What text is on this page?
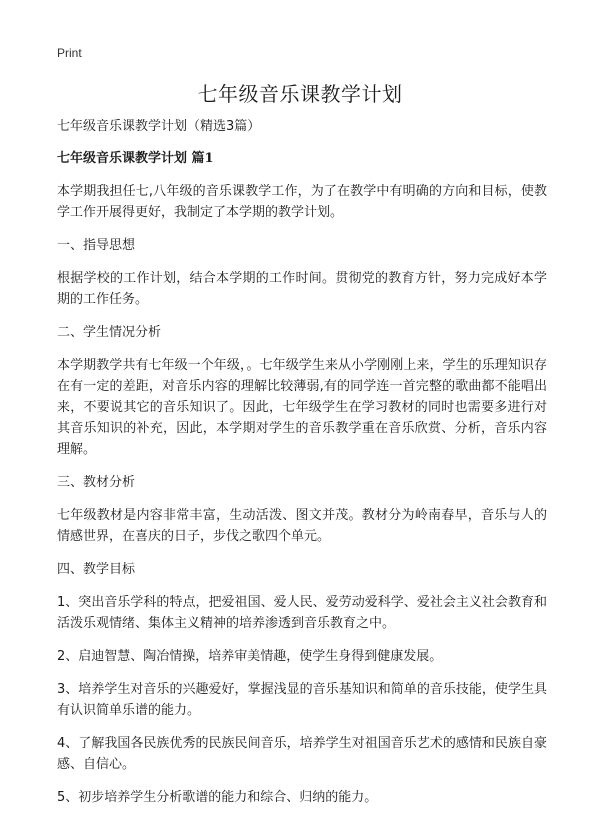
Print
七年级音乐课教学计划

七年级音乐课教学计划（精选3篇）

七年级音乐课教学计划 篇1

本学期我担任七,八年级的音乐课教学工作，为了在教学中有明确的方向和目标，使教学工作开展得更好，我制定了本学期的教学计划。

一、指导思想

根据学校的工作计划，结合本学期的工作时间。贯彻党的教育方针，努力完成好本学期的工作任务。

二、学生情况分析

本学期教学共有七年级一个年级，。七年级学生来从小学刚刚上来，学生的乐理知识存在有一定的差距，对音乐内容的理解比较薄弱,有的同学连一首完整的歌曲都不能唱出来，不要说其它的音乐知识了。因此，七年级学生在学习教材的同时也需要多进行对其音乐知识的补充，因此，本学期对学生的音乐教学重在音乐欣赏、分析，音乐内容理解。

三、教材分析

七年级教材是内容非常丰富，生动活泼、图文并茂。教材分为岭南春早，音乐与人的情感世界，在喜庆的日子，步伐之歌四个单元。

四、教学目标

1、突出音乐学科的特点，把爱祖国、爱人民、爱劳动爱科学、爱社会主义社会教育和活泼乐观情绪、集体主义精神的培养渗透到音乐教育之中。

2、启迪智慧、陶冶情操，培养审美情趣，使学生身得到健康发展。

3、培养学生对音乐的兴趣爱好，掌握浅显的音乐基知识和简单的音乐技能，使学生具有认识简单乐谱的能力。

4、了解我国各民族优秀的民族民间音乐，培养学生对祖国音乐艺术的感情和民族自豪感、自信心。

5、初步培养学生分析歌谱的能力和综合、归纳的能力。
